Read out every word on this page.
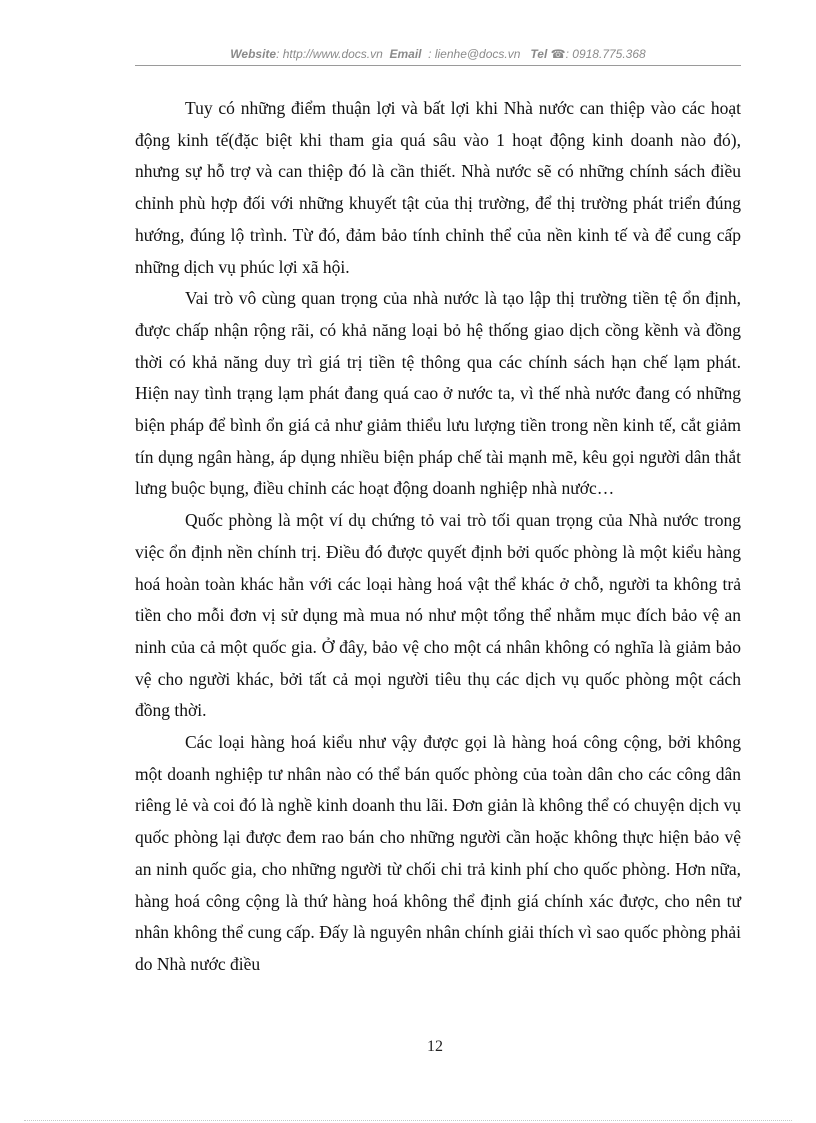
Website: http://www.docs.vn Email : lienhe@docs.vn Tel ☎: 0918.775.368

Tuy có những điểm thuận lợi và bất lợi khi Nhà nước can thiệp vào các hoạt động kinh tế(đặc biệt khi tham gia quá sâu vào 1 hoạt động kinh doanh nào đó), nhưng sự hỗ trợ và can thiệp đó là cần thiết. Nhà nước sẽ có những chính sách điều chỉnh phù hợp đối với những khuyết tật của thị trường, để thị trường phát triển đúng hướng, đúng lộ trình. Từ đó, đảm bảo tính chỉnh thể của nền kinh tế và để cung cấp những dịch vụ phúc lợi xã hội.

Vai trò vô cùng quan trọng của nhà nước là tạo lập thị trường tiền tệ ổn định, được chấp nhận rộng rãi, có khả năng loại bỏ hệ thống giao dịch cồng kềnh và đồng thời có khả năng duy trì giá trị tiền tệ thông qua các chính sách hạn chế lạm phát. Hiện nay tình trạng lạm phát đang quá cao ở nước ta, vì thế nhà nước đang có những biện pháp để bình ổn giá cả như giảm thiểu lưu lượng tiền trong nền kinh tế, cắt giảm tín dụng ngân hàng, áp dụng nhiều biện pháp chế tài mạnh mẽ, kêu gọi người dân thắt lưng buộc bụng, điều chỉnh các hoạt động doanh nghiệp nhà nước…

Quốc phòng là một ví dụ chứng tỏ vai trò tối quan trọng của Nhà nước trong việc ổn định nền chính trị. Điều đó được quyết định bởi quốc phòng là một kiểu hàng hoá hoàn toàn khác hẳn với các loại hàng hoá vật thể khác ở chỗ, người ta không trả tiền cho mỗi đơn vị sử dụng mà mua nó như một tổng thể nhằm mục đích bảo vệ an ninh của cả một quốc gia. Ở đây, bảo vệ cho một cá nhân không có nghĩa là giảm bảo vệ cho người khác, bởi tất cả mọi người tiêu thụ các dịch vụ quốc phòng một cách đồng thời.

Các loại hàng hoá kiểu như vậy được gọi là hàng hoá công cộng, bởi không một doanh nghiệp tư nhân nào có thể bán quốc phòng của toàn dân cho các công dân riêng lẻ và coi đó là nghề kinh doanh thu lãi. Đơn giản là không thể có chuyện dịch vụ quốc phòng lại được đem rao bán cho những người cần hoặc không thực hiện bảo vệ an ninh quốc gia, cho những người từ chối chi trả kinh phí cho quốc phòng. Hơn nữa, hàng hoá công cộng là thứ hàng hoá không thể định giá chính xác được, cho nên tư nhân không thể cung cấp. Đấy là nguyên nhân chính giải thích vì sao quốc phòng phải do Nhà nước điều

12
